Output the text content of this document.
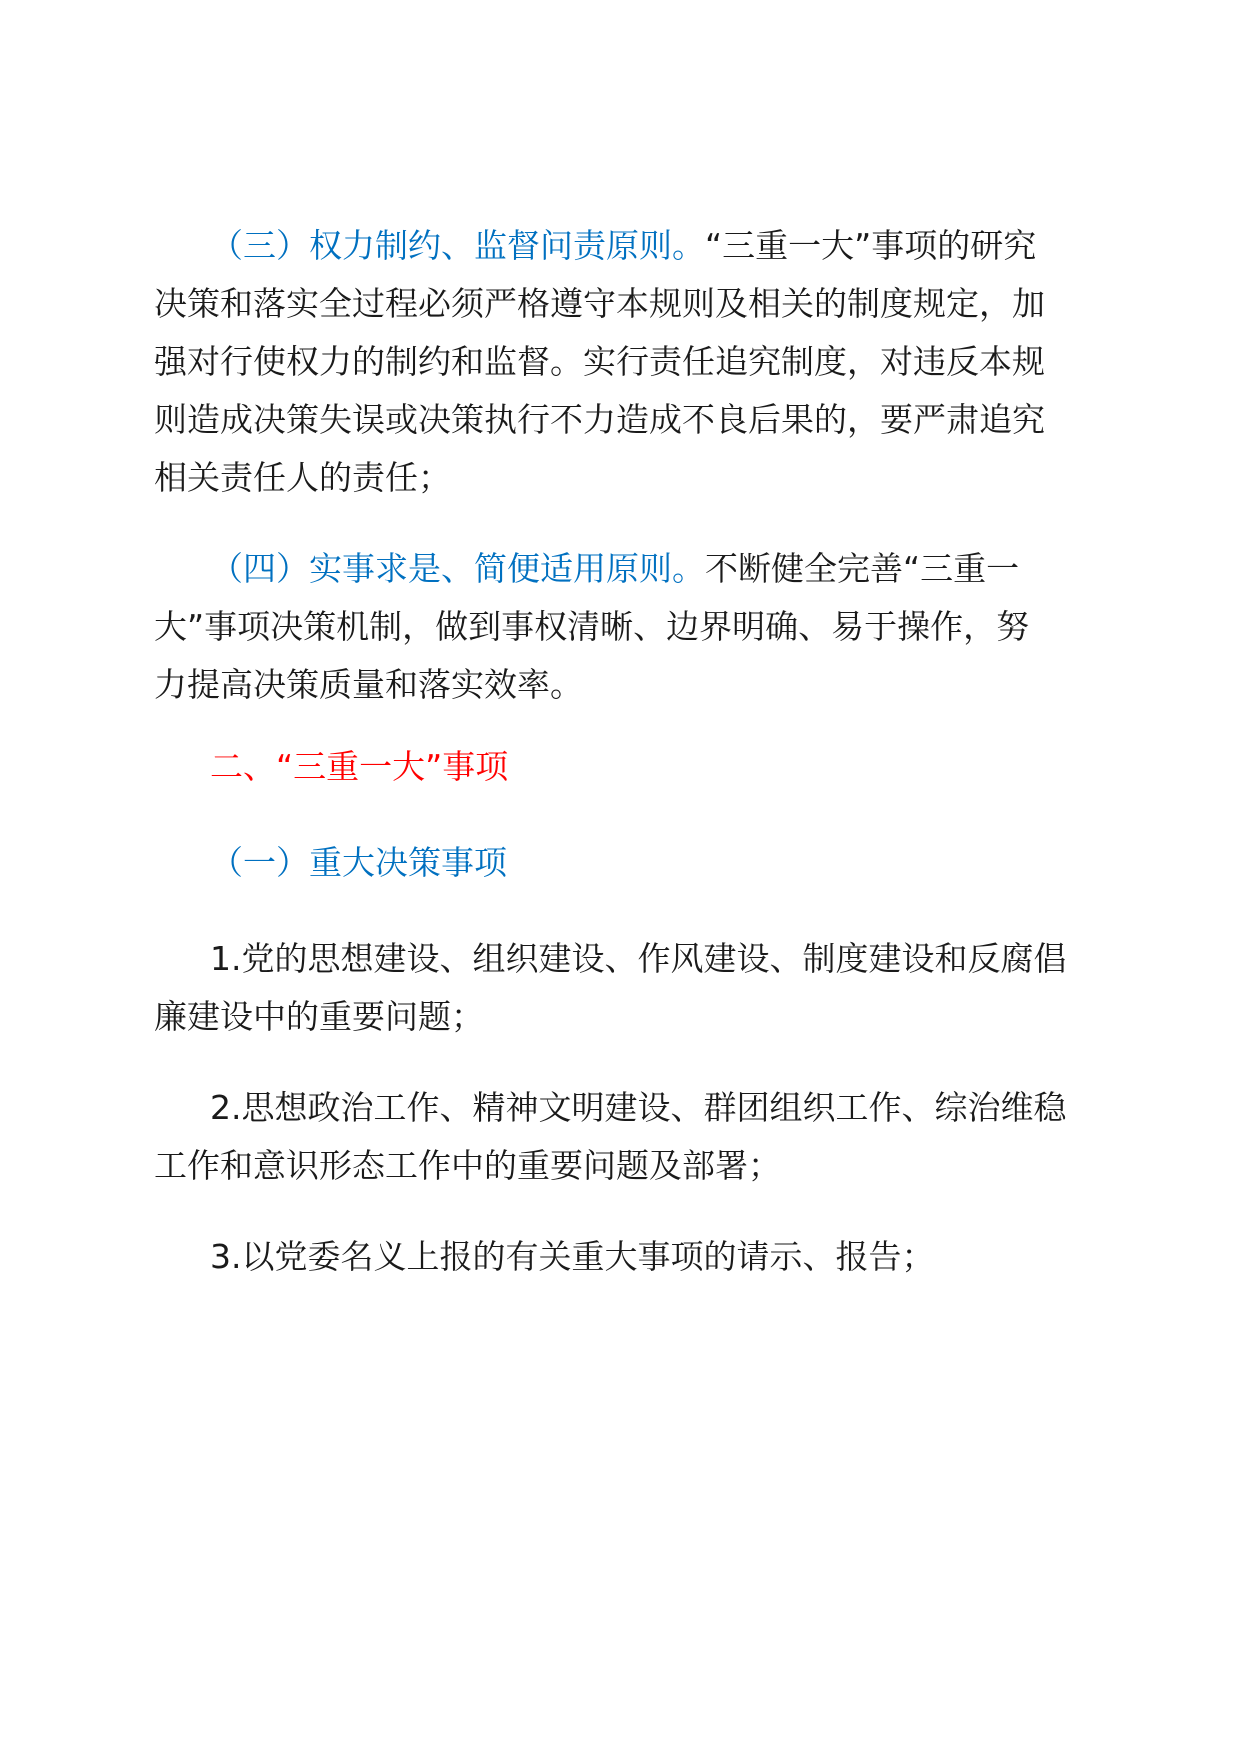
（三）权力制约、监督问责原则。“三重一大”事项的研究
决策和落实全过程必须严格遵守本规则及相关的制度规定，加
强对行使权力的制约和监督。实行责任追究制度，对违反本规
则造成决策失误或决策执行不力造成不良后果的，要严肃追究
相关责任人的责任；
（四）实事求是、简便适用原则。不断健全完善“三重一
大”事项决策机制，做到事权清晰、边界明确、易于操作，努
力提高决策质量和落实效率。
二、“三重一大”事项
（一）重大决策事项
1.党的思想建设、组织建设、作风建设、制度建设和反腐倡
廉建设中的重要问题；
2.思想政治工作、精神文明建设、群团组织工作、综治维稳
工作和意识形态工作中的重要问题及部署；
3.以党委名义上报的有关重大事项的请示、报告；
